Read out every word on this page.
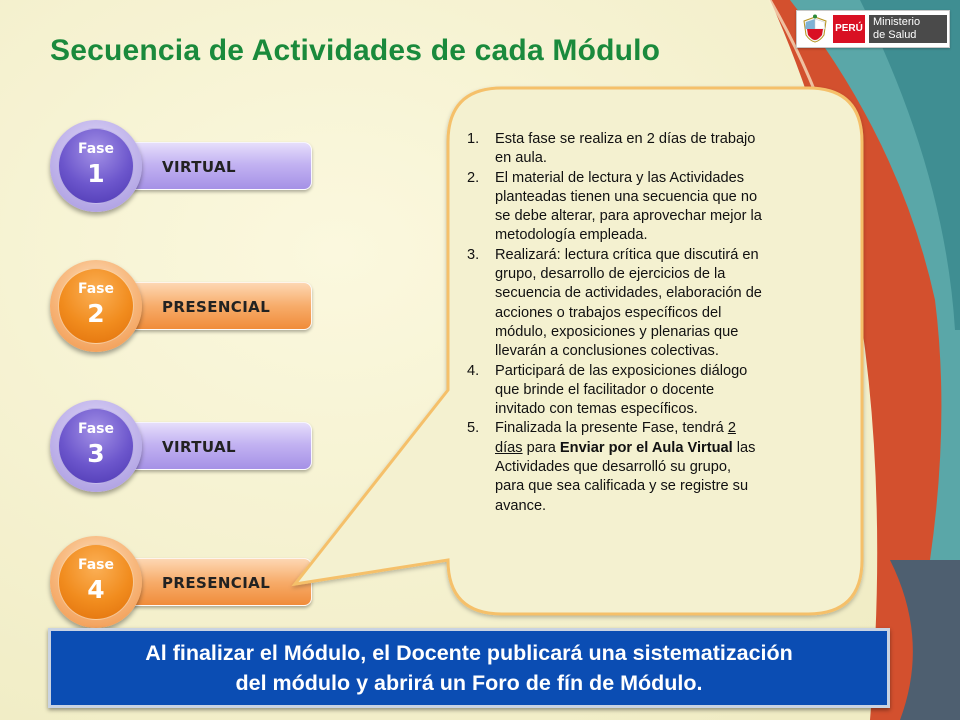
PERÚ
Ministerio
de Salud
Secuencia de Actividades de cada Módulo
VIRTUAL
Fase
1
PRESENCIAL
Fase
2
VIRTUAL
Fase
3
PRESENCIAL
Fase
4
1. Esta fase se realiza en 2 días de trabajo
en aula.
2. El material de lectura y las Actividades
planteadas tienen una secuencia que no
se debe alterar, para aprovechar mejor la
metodología empleada.
3. Realizará: lectura crítica que discutirá en
grupo, desarrollo de ejercicios de la
secuencia de actividades, elaboración de
acciones o trabajos específicos del
módulo, exposiciones y plenarias que
llevarán a conclusiones colectivas.
4. Participará de las exposiciones diálogo
que brinde el facilitador o docente
invitado con temas específicos.
5. Finalizada la presente Fase, tendrá 2
días para Enviar por el Aula Virtual las
Actividades que desarrolló su grupo,
para que sea calificada y se registre su
avance.
Al finalizar el Módulo, el Docente publicará una sistematización
del módulo y abrirá un Foro de fín de Módulo.
